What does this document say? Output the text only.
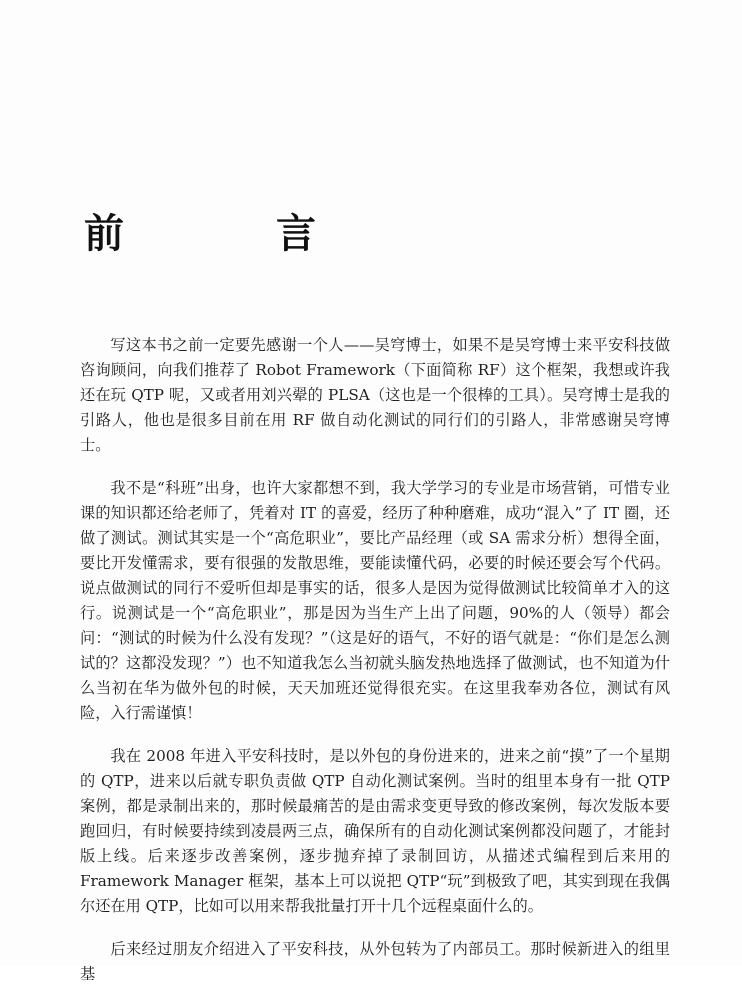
前　言

写这本书之前一定要先感谢一个人——吴穹博士，如果不是吴穹博士来平安科技做咨询顾问，向我们推荐了 Robot Framework（下面简称 RF）这个框架，我想或许我还在玩 QTP 呢，又或者用刘兴翚的 PLSA（这也是一个很棒的工具）。吴穹博士是我的引路人，他也是很多目前在用 RF 做自动化测试的同行们的引路人，非常感谢吴穹博士。

我不是“科班”出身，也许大家都想不到，我大学学习的专业是市场营销，可惜专业课的知识都还给老师了，凭着对 IT 的喜爱，经历了种种磨难，成功“混入”了 IT 圈，还做了测试。测试其实是一个“高危职业”，要比产品经理（或 SA 需求分析）想得全面，要比开发懂需求，要有很强的发散思维，要能读懂代码，必要的时候还要会写个代码。说点做测试的同行不爱听但却是事实的话，很多人是因为觉得做测试比较简单才入的这行。说测试是一个“高危职业”，那是因为当生产上出了问题，90%的人（领导）都会问：“测试的时候为什么没有发现？”（这是好的语气，不好的语气就是：“你们是怎么测试的？这都没发现？”）也不知道我怎么当初就头脑发热地选择了做测试，也不知道为什么当初在华为做外包的时候，天天加班还觉得很充实。在这里我奉劝各位，测试有风险，入行需谨慎！

我在 2008 年进入平安科技时，是以外包的身份进来的，进来之前“摸”了一个星期的 QTP，进来以后就专职负责做 QTP 自动化测试案例。当时的组里本身有一批 QTP 案例，都是录制出来的，那时候最痛苦的是由需求变更导致的修改案例，每次发版本要跑回归，有时候要持续到凌晨两三点，确保所有的自动化测试案例都没问题了，才能封版上线。后来逐步改善案例，逐步抛弃掉了录制回访，从描述式编程到后来用的 Framework Manager 框架，基本上可以说把 QTP“玩”到极致了吧，其实到现在我偶尔还在用 QTP，比如可以用来帮我批量打开十几个远程桌面什么的。

后来经过朋友介绍进入了平安科技，从外包转为了内部员工。那时候新进入的组里基
